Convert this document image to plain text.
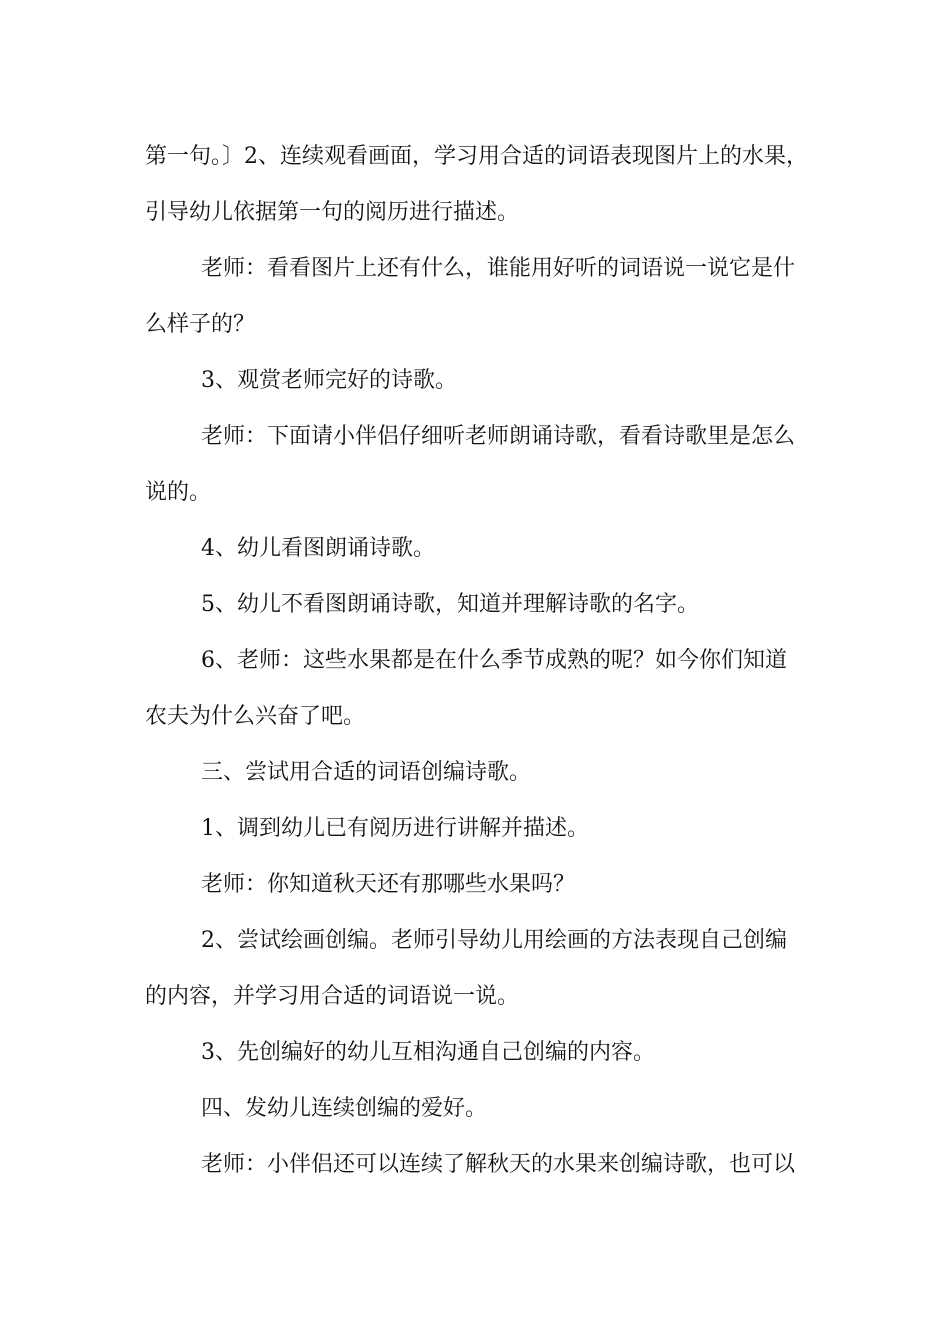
第一句。〕2、连续观看画面，学习用合适的词语表现图片上的水果，

引导幼儿依据第一句的阅历进行描述。

老师：看看图片上还有什么，谁能用好听的词语说一说它是什

么样子的？

3、观赏老师完好的诗歌。

老师：下面请小伴侣仔细听老师朗诵诗歌，看看诗歌里是怎么

说的。

4、幼儿看图朗诵诗歌。

5、幼儿不看图朗诵诗歌，知道并理解诗歌的名字。

6、老师：这些水果都是在什么季节成熟的呢？如今你们知道

农夫为什么兴奋了吧。

三、尝试用合适的词语创编诗歌。

1、调到幼儿已有阅历进行讲解并描述。

老师：你知道秋天还有那哪些水果吗？

2、尝试绘画创编。老师引导幼儿用绘画的方法表现自己创编

的内容，并学习用合适的词语说一说。

3、先创编好的幼儿互相沟通自己创编的内容。

四、发幼儿连续创编的爱好。

老师：小伴侣还可以连续了解秋天的水果来创编诗歌，也可以
